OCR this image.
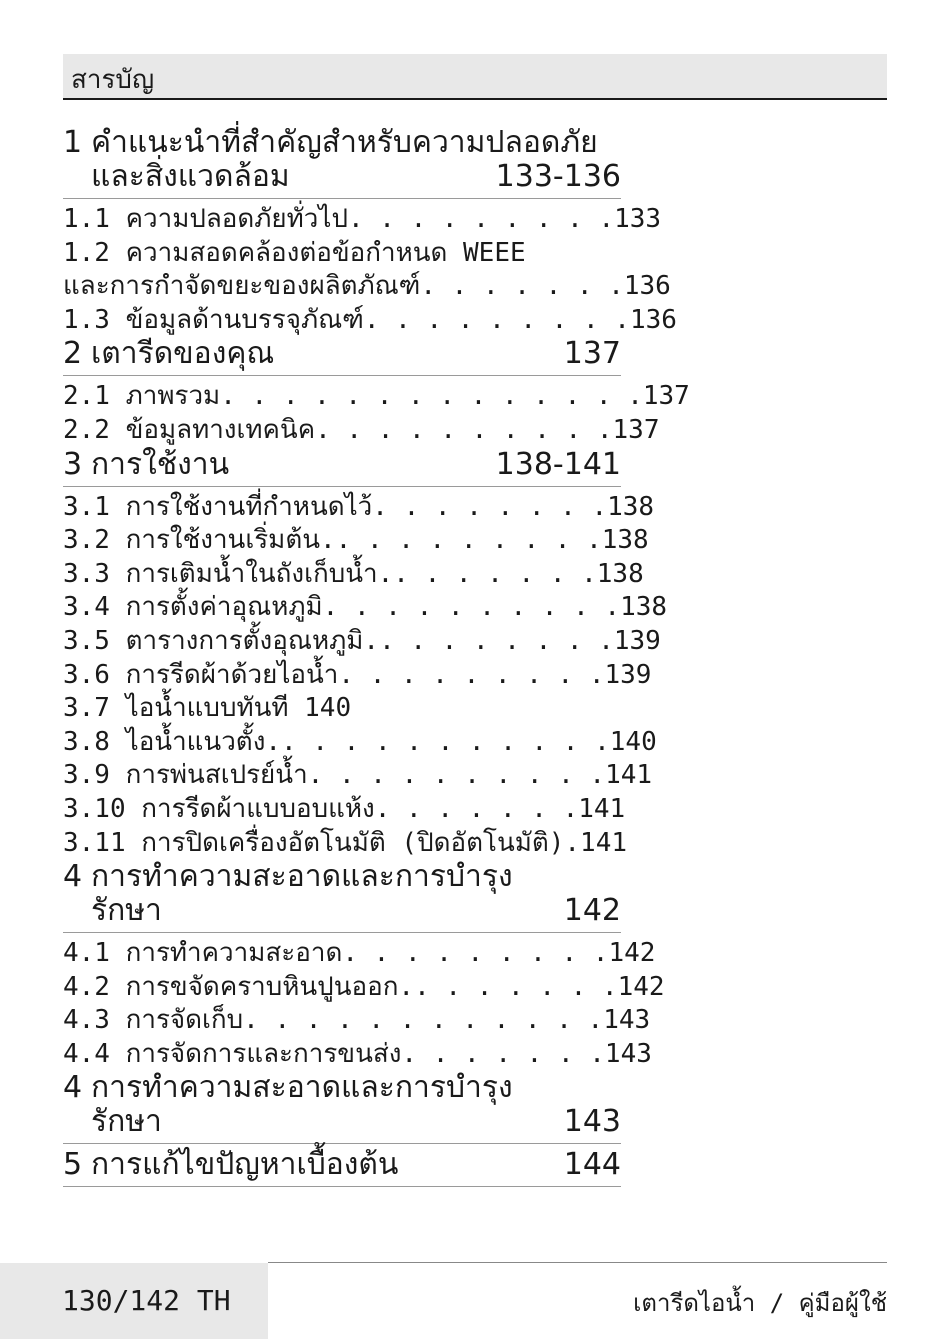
สารบัญ
1 คำแนะนำที่สำคัญสำหรับความปลอดภัย
และสิ่งแวดล้อม	133-136
1.1 ความปลอดภัยทั่วไป . . . . . . . . . 133
1.2 ความสอดคล้องต่อข้อกำหนด WEEE
และการกำจัดขยะของผลิตภัณฑ์ . . . . . . . 136
1.3 ข้อมูลด้านบรรจุภัณฑ์ . . . . . . . . . 136
2 เตารีดของคุณ	137
2.1 ภาพรวม . . . . . . . . . . . . . . 137
2.2 ข้อมูลทางเทคนิค . . . . . . . . . . 137
3 การใช้งาน	138-141
3.1 การใช้งานที่กำหนดไว้ . . . . . . . . 138
3.2 การใช้งานเริ่มต้น. . . . . . . . . . 138
3.3 การเติมน้ำในถังเก็บน้ำ. . . . . . . . 138
3.4 การตั้งค่าอุณหภูมิ . . . . . . . . . . 138
3.5 ตารางการตั้งอุณหภูมิ. . . . . . . . . 139
3.6 การรีดผ้าด้วยไอน้ำ . . . . . . . . . 139
3.7 ไอน้ำแบบทันที 140
3.8 ไอน้ำแนวตั้ง. . . . . . . . . . . . 140
3.9 การพ่นสเปรย์น้ำ . . . . . . . . . . 141
3.10 การรีดผ้าแบบอบแห้ง . . . . . . . 141
3.11 การปิดเครื่องอัตโนมัติ (ปิดอัตโนมัติ) . 141
4 การทำความสะอาดและการบำรุง
รักษา	142
4.1 การทำความสะอาด . . . . . . . . . 142
4.2 การขจัดคราบหินปูนออก. . . . . . . . 142
4.3 การจัดเก็บ . . . . . . . . . . . . 143
4.4 การจัดการและการขนส่ง . . . . . . . 143
4 การทำความสะอาดและการบำรุง
รักษา	143
5 การแก้ไขปัญหาเบื้องต้น	144
130/142 TH	เตารีดไอน้ำ / คู่มือผู้ใช้
